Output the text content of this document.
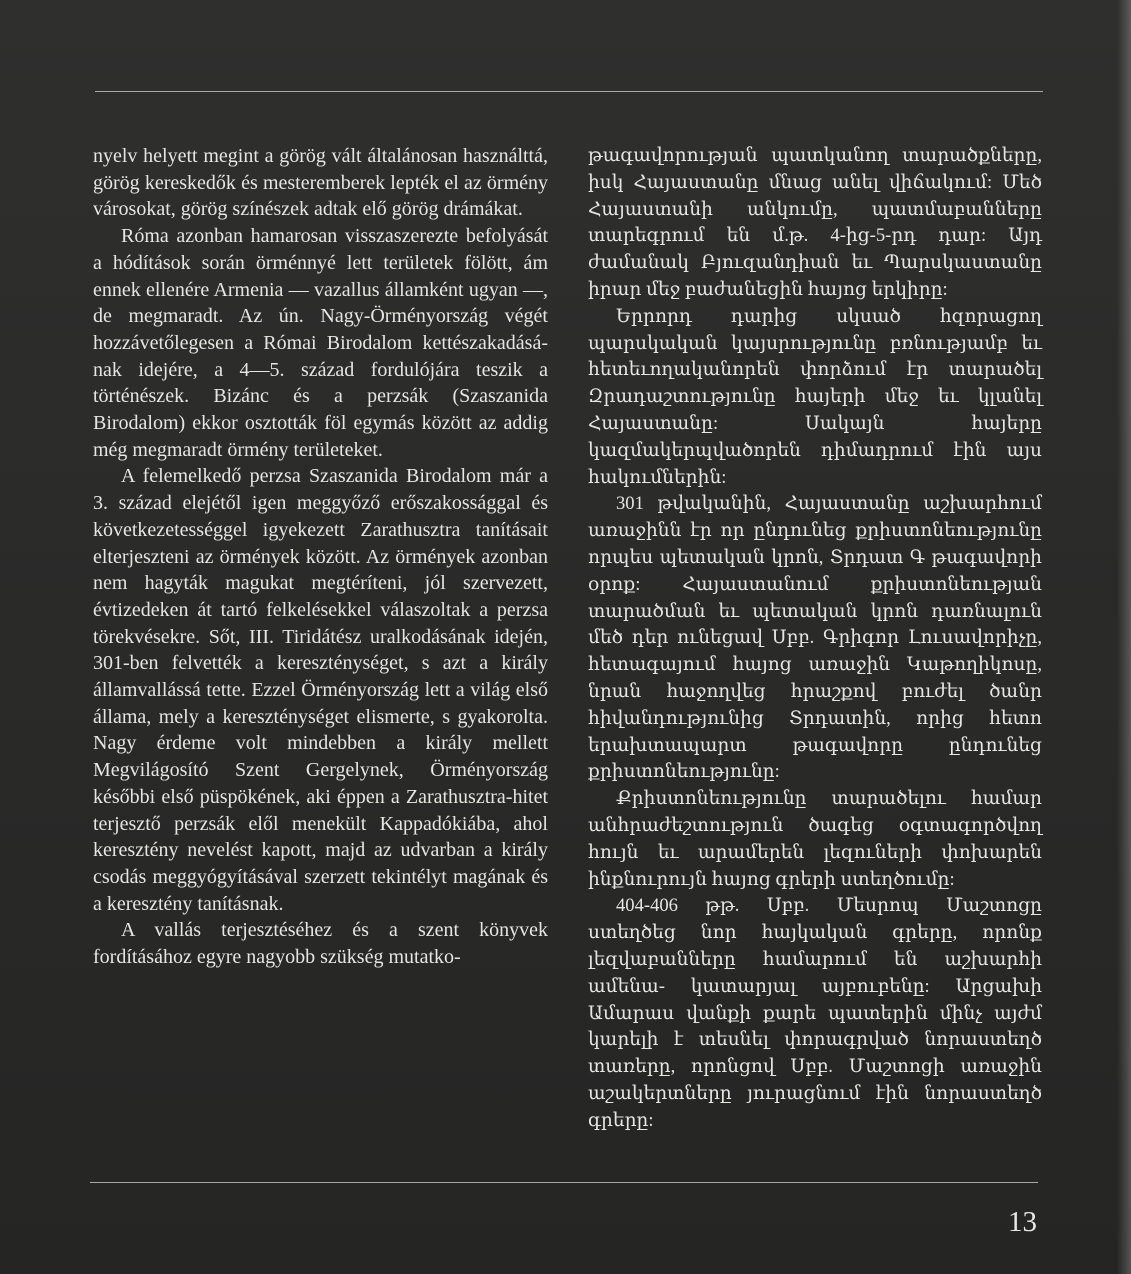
nyelv helyett megint a görög vált általánosan használttá, görög kereskedők és mesteremberek lepték el az örmény városokat, görög színészek adtak elő görög drámákat.

Róma azonban hamarosan visszaszerezte befolyását a hódítások során örménnyé lett területek fölött, ám ennek ellenére Armenia — vazallus államként ugyan —, de megmaradt. Az ún. Nagy-Örményország végét hozzávetőlegesen a Római Birodalom kettészakadásának idejére, a 4—5. század fordulójára teszik a történészek. Bizánc és a perzsák (Szaszanida Birodalom) ekkor osztották föl egymás között az addig még megmaradt örmény területeket.

A felemelkedő perzsa Szaszanida Birodalom már a 3. század elejétől igen meggyőző erőszakossággal és következetességgel igyekezett Zarathusztra tanításait elterjeszteni az örmények között. Az örmények azonban nem hagyták magukat megtéríteni, jól szervezett, évtizedeken át tartó felkelésekkel válaszoltak a perzsa törekvésekre. Sőt, III. Tiridátész uralkodásának idején, 301-ben felvették a kereszténységet, s azt a király államvallássá tette. Ezzel Örményország lett a világ első állama, mely a kereszténységet elismerte, s gyakorolta. Nagy érdeme volt mindebben a király mellett Megvilágosító Szent Gergelynek, Örményország későbbi első püspökének, aki éppen a Zarathusztra-hitet terjesztő perzsák elől menekült Kappadókiába, ahol keresztény nevelést kapott, majd az udvarban a király csodás meggyógyításával szerzett tekintélyt magának és a keresztény tanításnak.

A vallás terjesztéséhez és a szent könyvek fordításához egyre nagyobb szükség mutatko-

թագավորության պատկանող տարածքները, իսկ Հայաստանը մնաց անել վիճակում: Մեծ Հայաստանի անկումը, պատմաբանները տարեգրում են մ.թ. 4-ից-5-րդ դար: Այդ ժամանակ Բյուզանդիան եւ Պարսկաստանը իրար մեջ բաժանեցին հայոց երկիրը:

Երրորդ դարից սկսած հզորացող պարսկական կայսրությունը բռնությամբ եւ հետեւողականորեն փորձում էր տարածել Զրադաշտությունը հայերի մեջ եւ կլանել Հայաստանը: Սակայն հայերը կազմակերպվածորեն դիմադրում էին այս հակումներին:

301 թվականին, Հայաստանը աշխարհում առաջինն էր որ ընդունեց քրիստոնեությունը որպես պետական կրոն, Տրդատ Գ թագավորի օրոք: Հայաստանում քրիստոնեության տարածման եւ պետական կրոն դառնալուն մեծ դեր ունեցավ Սբբ. Գրիգոր Լուսավորիչը, հետագայում հայոց առաջին Կաթողիկոսը, նրան հաջողվեց հրաշքով բուժել ծանր հիվանդությունից Տրդատին, որից հետո երախտապարտ թագավորը ընդունեց քրիստոնեությունը:

Քրիստոնեությունը տարածելու համար անհրաժեշտություն ծագեց օգտագործվող հույն եւ արամերեն լեզուների փոխարեն ինքնուրույն հայոց գրերի ստեղծումը:

404-406 թթ. Սբբ. Մեսրոպ Մաշտոցը ստեղծեց նոր հայկական գրերը, որոնք լեզվաբանները համարում են աշխարհի ամենա- կատարյալ այբուբենը: Արցախի Ամարաս վանքի քարե պատերին մինչ այժմ կարելի է տեսնել փորագրված նորաստեղծ տառերը, որոնցով Սբբ. Մաշտոցի առաջին աշակերտները յուրացնում էին նորաստեղծ գրերը:

13
